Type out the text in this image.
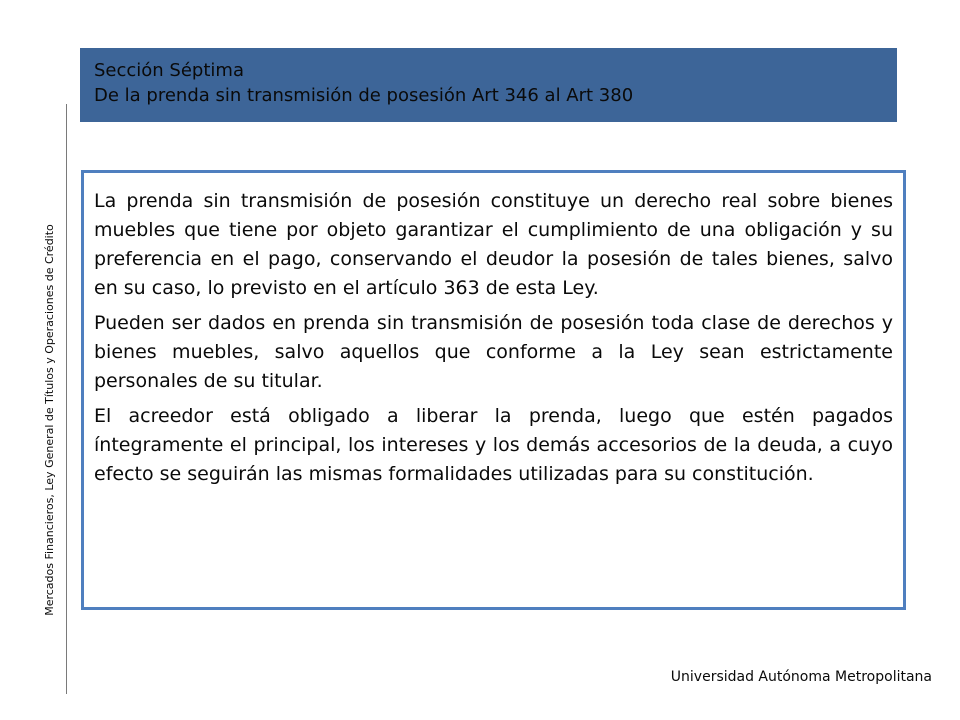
Sección Séptima
De la prenda sin transmisión de posesión Art 346 al Art 380
Mercados Financieros, Ley General de Títulos y Operaciones de Crédito

La prenda sin transmisión de posesión constituye un derecho real sobre bienes muebles que tiene por objeto garantizar el cumplimiento de una obligación y su preferencia en el pago, conservando el deudor la posesión de tales bienes, salvo en su caso, lo previsto en el artículo 363 de esta Ley.

Pueden ser dados en prenda sin transmisión de posesión toda clase de derechos y bienes muebles, salvo aquellos que conforme a la Ley sean estrictamente personales de su titular.

El acreedor está obligado a liberar la prenda, luego que estén pagados íntegramente el principal, los intereses y los demás accesorios de la deuda, a cuyo efecto se seguirán las mismas formalidades utilizadas para su constitución.

Universidad Autónoma Metropolitana
